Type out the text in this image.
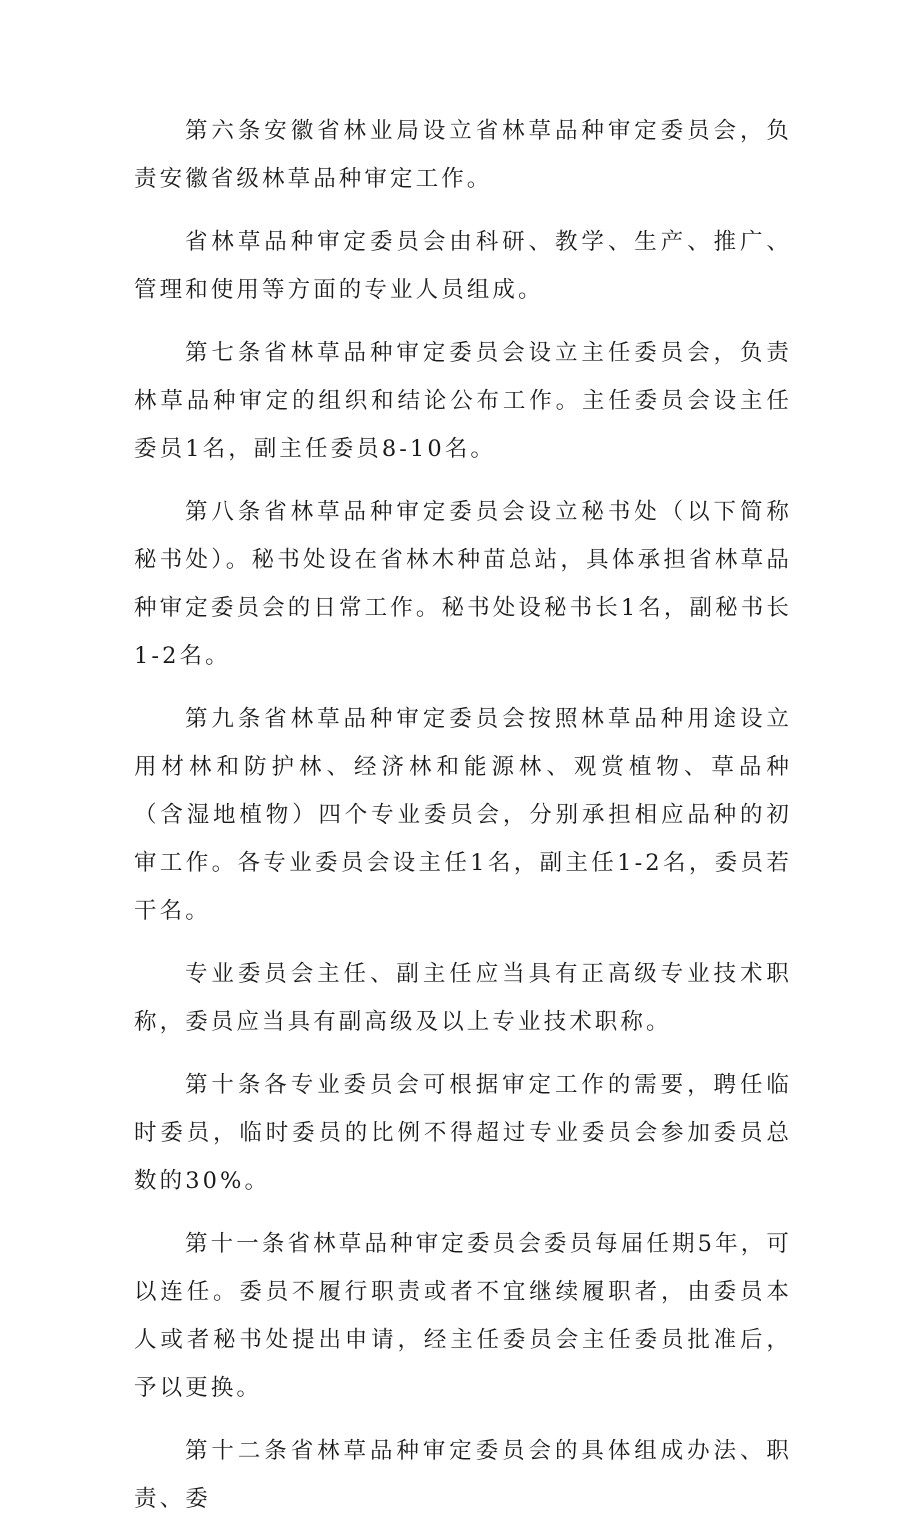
第六条安徽省林业局设立省林草品种审定委员会，负责安徽省级林草品种审定工作。

省林草品种审定委员会由科研、教学、生产、推广、管理和使用等方面的专业人员组成。

第七条省林草品种审定委员会设立主任委员会，负责林草品种审定的组织和结论公布工作。主任委员会设主任委员1名，副主任委员8-10名。

第八条省林草品种审定委员会设立秘书处（以下简称秘书处）。秘书处设在省林木种苗总站，具体承担省林草品种审定委员会的日常工作。秘书处设秘书长1名，副秘书长1-2名。

第九条省林草品种审定委员会按照林草品种用途设立用材林和防护林、经济林和能源林、观赏植物、草品种（含湿地植物）四个专业委员会，分别承担相应品种的初审工作。各专业委员会设主任1名，副主任1-2名，委员若干名。

专业委员会主任、副主任应当具有正高级专业技术职称，委员应当具有副高级及以上专业技术职称。

第十条各专业委员会可根据审定工作的需要，聘任临时委员，临时委员的比例不得超过专业委员会参加委员总数的30%。

第十一条省林草品种审定委员会委员每届任期5年，可以连任。委员不履行职责或者不宜继续履职者，由委员本人或者秘书处提出申请，经主任委员会主任委员批准后，予以更换。

第十二条省林草品种审定委员会的具体组成办法、职责、委
